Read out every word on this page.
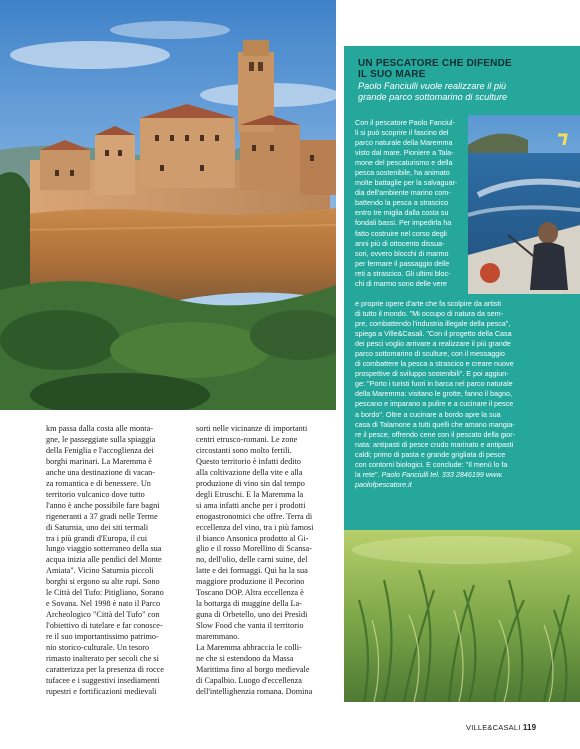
UN PESCATORE CHE DIFENDE
IL SUO MARE
Paolo Fanciulli vuole realizzare il più
grande parco sottomarino di sculture
Con il pescatore Paolo Fanciul-
li si può scoprire il fascino del
parco naturale della Maremma
visto dal mare. Pioniere a Tala-
mone del pescaturismo e della
pesca sostenibile, ha animato
molte battaglie per la salvaguar-
dia dell'ambiente marino com-
battendo la pesca a strascico
entro tre miglia dalla costa su
fondali bassi. Per impedirla ha
fatto costruire nel corso degli
anni più di ottocento dissua-
sori, ovvero blocchi di marmo
per fermare il passaggio delle
reti a strascico. Gli ultimi bloc-
chi di marmo sono delle vere
e proprie opere d'arte che fa scolpire da artisti
di tutto il mondo. "Mi occupo di natura da sem-
pre, combattendo l'industria illegale della pesca",
spiega a Ville&Casali. "Con il progetto della Casa
dei pesci voglio arrivare a realizzare il più grande
parco sottomarino di sculture, con il messaggio
di combattere la pesca a strascico e creare nuove
prospettive di sviluppo sostenibili". E poi aggiun-
ge: "Porto i turisti fuori in barca nel parco naturale
della Maremma: visitano le grotte, fanno il bagno,
pescano e imparano a pulire e a cucinare il pesce
a bordo". Oltre a cucinare a bordo apre la sua
casa di Talamone a tutti quelli che amano mangia-
re il pesce, offrendo cene con il pescato della gior-
nata: antipasti di pesce crudo marinato e antipasti
caldi; primo di pasta e grande grigliata di pesce
con contorni biologici. E conclude: "Il menù lo fa
la rete". Paolo Fanciulli tel. 333 2846199 www.
paolofpescatore.it
km passa dalla costa alle monta-
gne, le passeggiate sulla spiaggia
della Feniglia e l'accoglienza dei
borghi marinari. La Maremma è
anche una destinazione di vacan-
za romantica e di benessere. Un
territorio vulcanico dove tutto
l'anno è anche possibile fare bagni
rigeneranti a 37 gradi nelle Terme
di Saturnia, uno dei siti termali
tra i più grandi d'Europa, il cui
lungo viaggio sotterraneo della sua
acqua inizia alle pendici del Monte
Amiata". Vicino Saturnia piccoli
borghi si ergono su alte rupi. Sono
le Città del Tufo: Pitigliano, Sorano
e Sovana. Nel 1998 è nato il Parco
Archeologico "Città del Tufo" con
l'obiettivo di tutelare e far conosce-
re il suo importantissimo patrimo-
nio storico-culturale. Un tesoro
rimasto inalterato per secoli che si
caratterizza per la presenza di rocce
tufacee e i suggestivi insediamenti
rupestri e fortificazioni medievali
sorti nelle vicinanze di importanti
centri etrusco-romani. Le zone
circostanti sono molto fertili.
Questo territorio è infatti dedito
alla coltivazione della vite e alla
produzione di vino sin dal tempo
degli Etruschi. E la Maremma la
si ama infatti anche per i prodotti
enogastronomici che offre. Terra di
eccellenza del vino, tra i più famosi
il bianco Ansonica prodotto al Gi-
glio e il rosso Morellino di Scansa-
no, dell'olio, delle carni suine, del
latte e dei formaggi. Qui ha la sua
maggiore produzione il Pecorino
Toscano DOP. Altra eccellenza è
la bottarga di muggine della La-
guna di Orbetello, uno dei Presìdi
Slow Food che vanta il territorio
maremmano.
La Maremma abbraccia le colli-
ne che si estendono da Massa
Marittima fino al borgo medievale
di Capalbio. Luogo d'eccellenza
dell'intellighenzia romana. Domina
VILLE&CASALI 119
